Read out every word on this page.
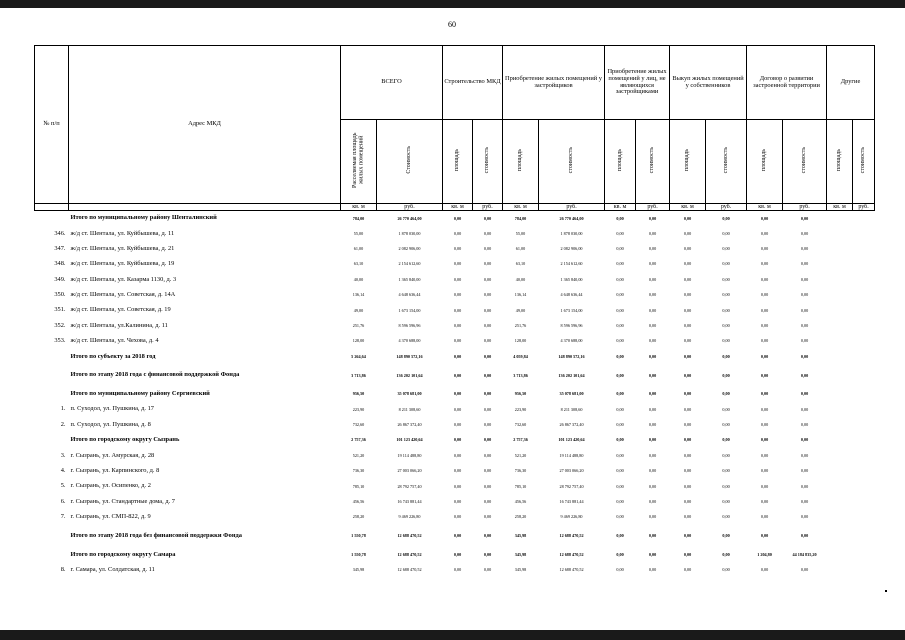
60
№ п/п	Адрес МКД	ВСЕГО		Строительство МКД		Приобретение жилых помещений у застройщиков		Приобретение жилых помещений у лиц, не являющихся застройщиками		Выкуп жилых помещений у собственников		Договор о развитии застроенной территории		Другие	
		Расселяемая площадь жилых помещений	Стоимость	площадь	стоимость	площадь	стоимость	площадь	стоимость	площадь	стоимость	площадь	стоимость	площадь	стоимость
		кв. м	руб.	кв. м	руб.	кв. м	руб.	кв. м	руб.	кв. м	руб.	кв. м	руб.	кв. м	руб.
	Итого по муниципальному району Шенталинский	784,00	26 770 464,00	0,00	0,00	784,00	26 770 464,00	0,00	0,00	0,00	0,00	0,00	0,00		
346.	ж/д ст. Шентала, ул. Куйбышева, д. 11	55,00	1 878 030,00	0,00	0,00	55,00	1 878 030,00	0,00	0,00	0,00	0,00	0,00	0,00		
347.	ж/д ст. Шентала, ул. Куйбышева, д. 21	61,00	2 082 906,00	0,00	0,00	61,00	2 082 906,00	0,00	0,00	0,00	0,00	0,00	0,00		
348.	ж/д ст. Шентала, ул. Куйбышева, д. 19	63,10	2 154 612,60	0,00	0,00	63,10	2 154 612,60	0,00	0,00	0,00	0,00	0,00	0,00		
349.	ж/д ст. Шентала, ул. Казарма 1130, д. 3	40,00	1 365 840,00	0,00	0,00	40,00	1 365 840,00	0,00	0,00	0,00	0,00	0,00	0,00		
350.	ж/д ст. Шентала, ул. Советская, д. 14А	136,14	4 648 636,44	0,00	0,00	136,14	4 648 636,44	0,00	0,00	0,00	0,00	0,00	0,00		
351.	ж/д ст. Шентала, ул. Советская, д. 19	49,00	1 673 154,00	0,00	0,00	49,00	1 673 154,00	0,00	0,00	0,00	0,00	0,00	0,00		
352.	ж/д ст. Шентала, ул.Калинина, д. 11	251,76	8 596 596,96	0,00	0,00	251,76	8 596 596,96	0,00	0,00	0,00	0,00	0,00	0,00		
353.	ж/д ст. Шентала, ул. Чехова, д. 4	128,00	4 370 688,00	0,00	0,00	128,00	4 370 688,00	0,00	0,00	0,00	0,00	0,00	0,00		
	Итого по субъекту за 2018 год	5 264,64	148 890 572,16	0,00	0,00	4 059,84	148 890 572,16	0,00	0,00	0,00	0,00	0,00	0,00		
	Итого по этапу 2018 года с финансовой поддержкой Фонда	3 713,86	136 202 101,64	0,00	0,00	3 713,86	136 202 101,64	0,00	0,00	0,00	0,00	0,00	0,00		
	Итого по муниципальному району Сергиевский	956,50	35 078 681,00	0,00	0,00	956,50	35 078 681,00	0,00	0,00	0,00	0,00	0,00	0,00		
1.	п. Суходол, ул. Пушкина, д. 17	223,90	8 211 308,60	0,00	0,00	223,90	8 211 308,60	0,00	0,00	0,00	0,00	0,00	0,00		
2.	п. Суходол, ул. Пушкина, д. 8	732,60	26 867 372,40	0,00	0,00	732,60	26 867 372,40	0,00	0,00	0,00	0,00	0,00	0,00		
	Итого по городскому округу Сызрань	2 757,36	101 123 420,64	0,00	0,00	2 757,36	101 123 420,64	0,00	0,00	0,00	0,00	0,00	0,00		
3.	г. Сызрань, ул. Амурская, д. 28	521,20	19 114 488,80	0,00	0,00	521,20	19 114 488,80	0,00	0,00	0,00	0,00	0,00	0,00		
4.	г. Сызрань, ул. Карпинского, д. 8	736,30	27 003 066,20	0,00	0,00	736,30	27 003 066,20	0,00	0,00	0,00	0,00	0,00	0,00		
5.	г. Сызрань, ул. Осипенко, д. 2	785,10	28 792 757,40	0,00	0,00	785,10	28 792 757,40	0,00	0,00	0,00	0,00	0,00	0,00		
6.	г. Сызрань, ул. Стандартные дома, д. 7	456,56	16 743 881,44	0,00	0,00	456,56	16 743 881,44	0,00	0,00	0,00	0,00	0,00	0,00		
7.	г. Сызрань, ул. СМП-822, д. 9	258,20	9 469 226,80	0,00	0,00	258,20	9 469 226,80	0,00	0,00	0,00	0,00	0,00	0,00		
	Итого по этапу 2018 года без финансовой поддержки Фонда	1 550,78	12 688 470,52	0,00	0,00	345,98	12 688 470,52	0,00	0,00	0,00	0,00	0,00	0,00		
	Итого по городскому округу Самара	1 550,78	12 688 470,52	0,00	0,00	345,98	12 688 470,52	0,00	0,00	0,00	0,00	1 204,80	44 184 835,20		
8.	г. Самара, ул. Солдатская, д. 11	345,98	12 688 470,52	0,00	0,00	345,98	12 688 470,52	0,00	0,00	0,00	0,00	0,00	0,00		
